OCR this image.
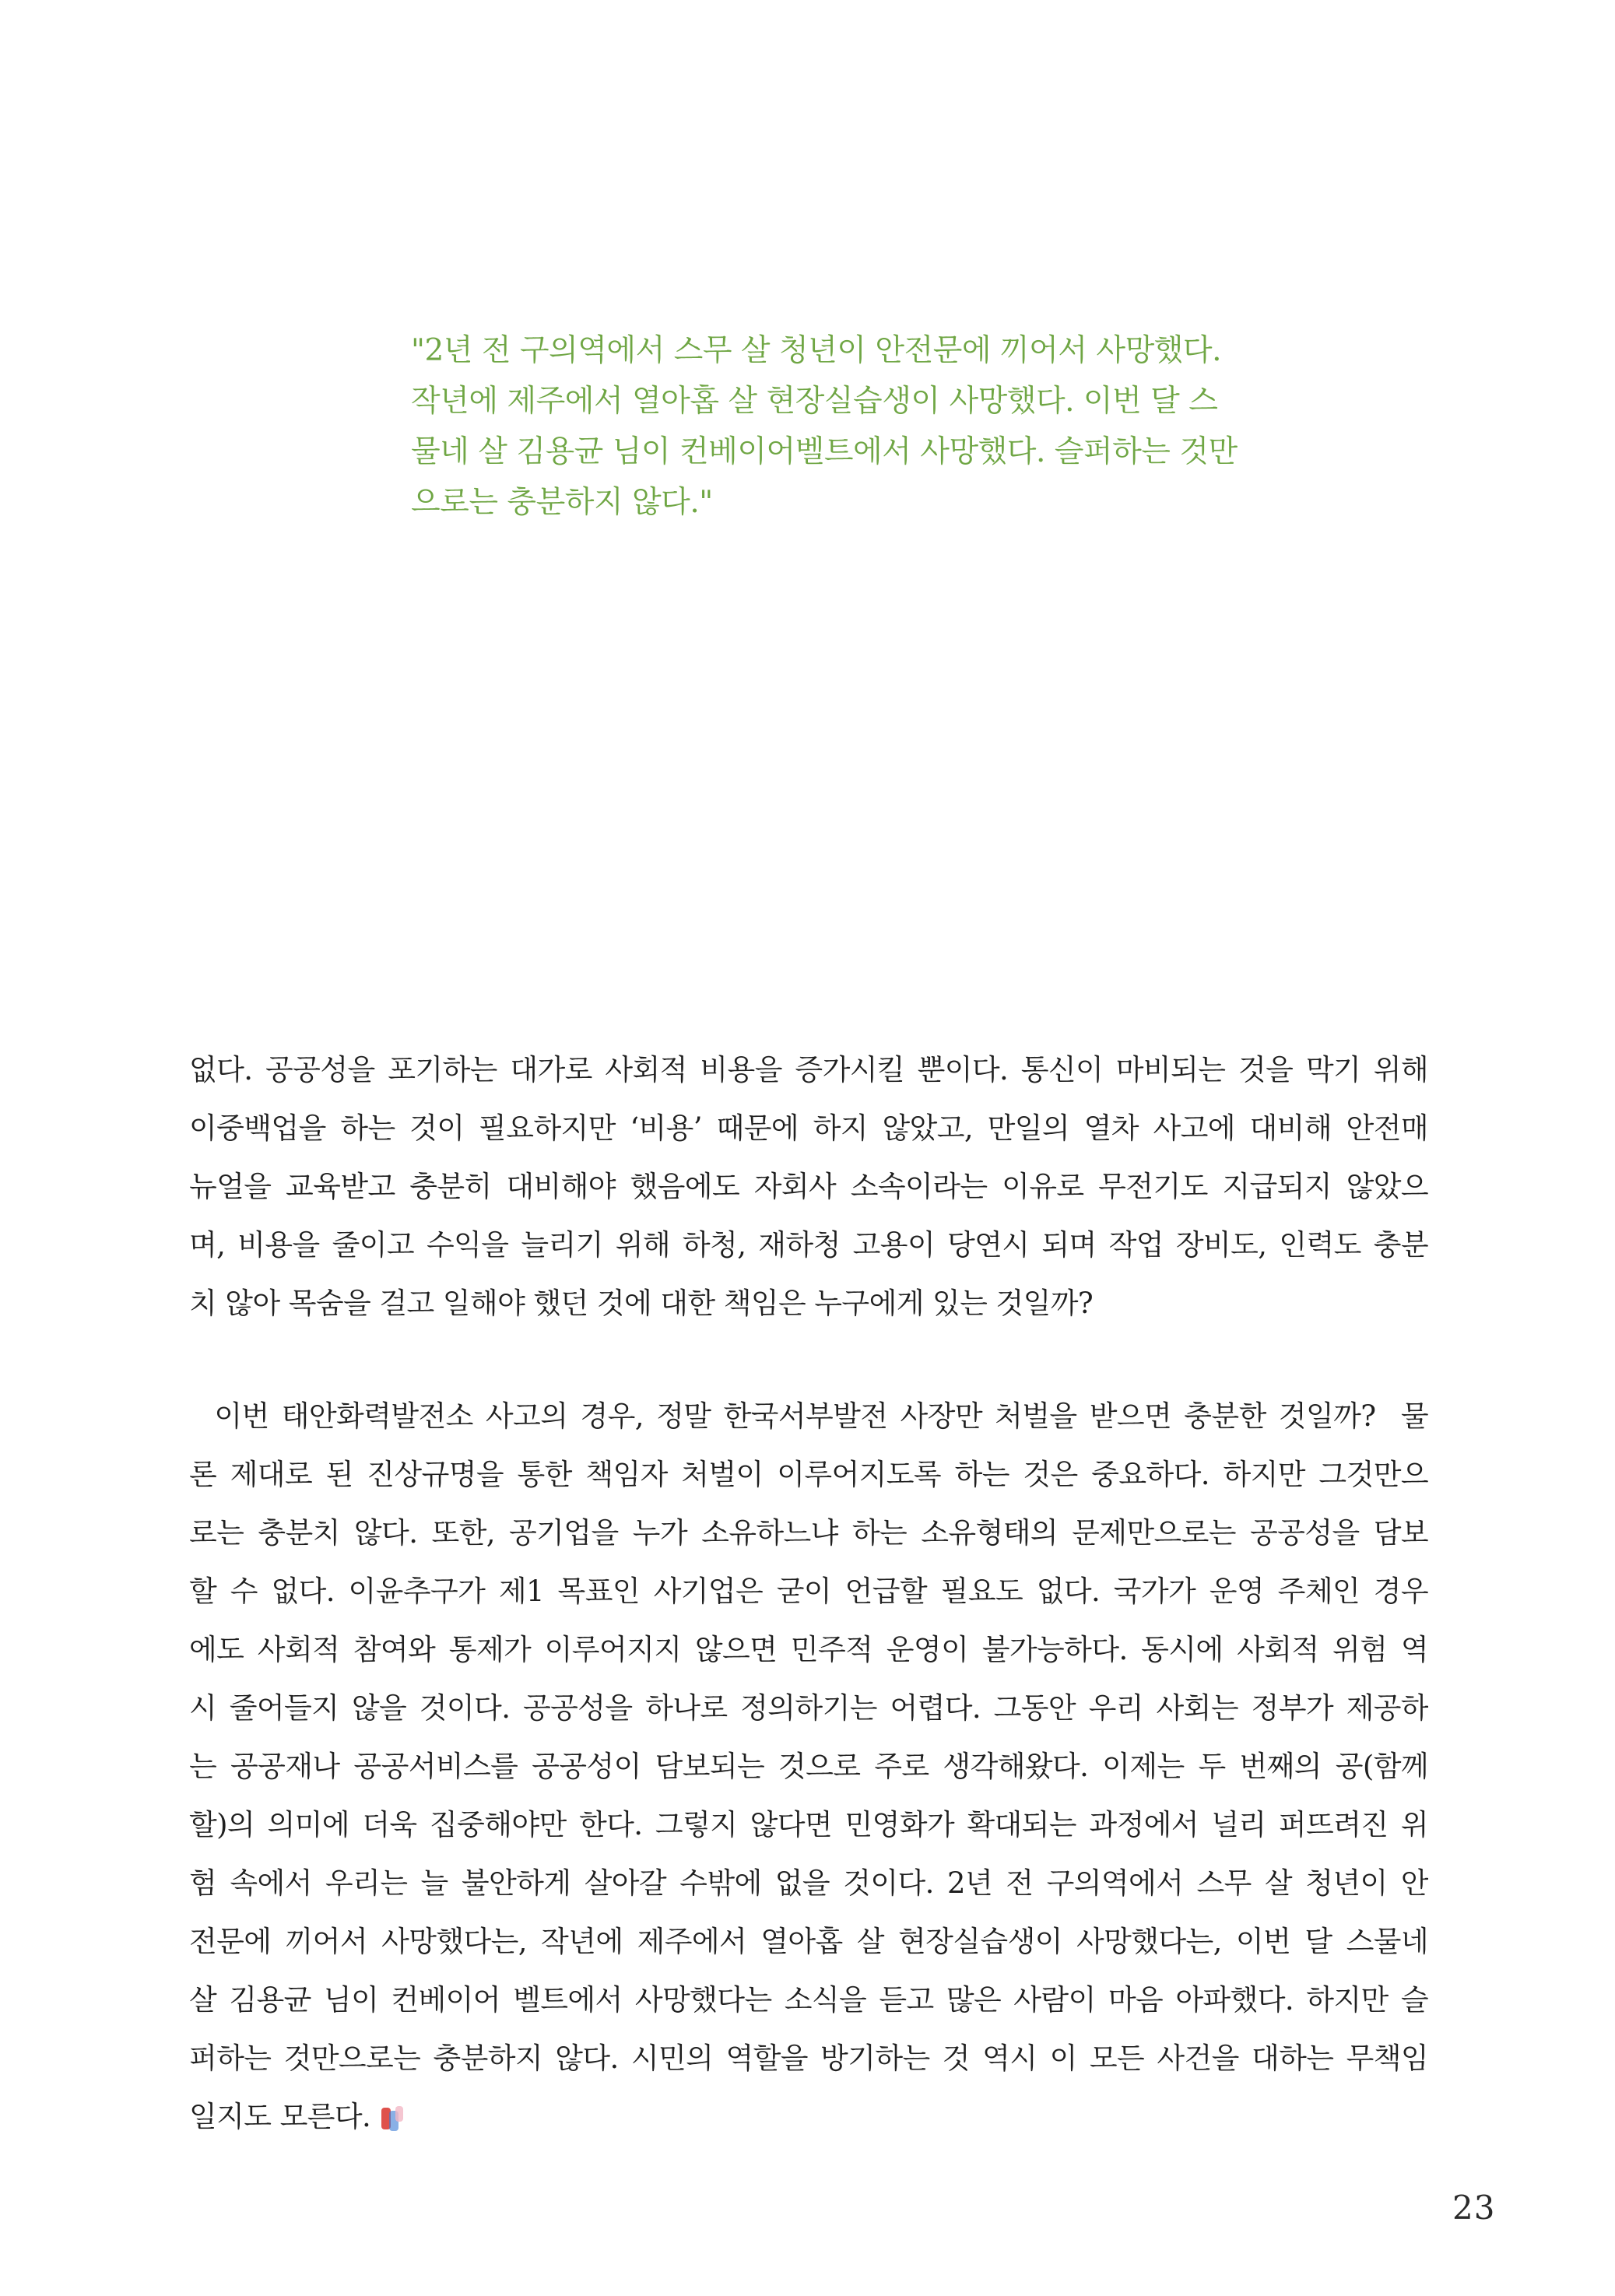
"2년 전 구의역에서 스무 살 청년이 안전문에 끼어서 사망했다.
작년에 제주에서 열아홉 살 현장실습생이 사망했다. 이번 달 스
물네 살 김용균 님이 컨베이어벨트에서 사망했다. 슬퍼하는 것만
으로는 충분하지 않다."
없다. 공공성을 포기하는 대가로 사회적 비용을 증가시킬 뿐이다. 통신이 마비되는 것을 막기 위해
이중백업을 하는 것이 필요하지만 ‘비용’ 때문에 하지 않았고, 만일의 열차 사고에 대비해 안전매
뉴얼을 교육받고 충분히 대비해야 했음에도 자회사 소속이라는 이유로 무전기도 지급되지 않았으
며, 비용을 줄이고 수익을 늘리기 위해 하청, 재하청 고용이 당연시 되며 작업 장비도, 인력도 충분
치 않아 목숨을 걸고 일해야 했던 것에 대한 책임은 누구에게 있는 것일까?
이번 태안화력발전소 사고의 경우, 정말 한국서부발전 사장만 처벌을 받으면 충분한 것일까?  물
론 제대로 된 진상규명을 통한 책임자 처벌이 이루어지도록 하는 것은 중요하다. 하지만 그것만으
로는 충분치 않다. 또한, 공기업을 누가 소유하느냐 하는 소유형태의 문제만으로는 공공성을 담보
할 수 없다. 이윤추구가 제1 목표인 사기업은 굳이 언급할 필요도 없다. 국가가 운영 주체인 경우
에도 사회적 참여와 통제가 이루어지지 않으면 민주적 운영이 불가능하다. 동시에 사회적 위험 역
시 줄어들지 않을 것이다. 공공성을 하나로 정의하기는 어렵다. 그동안 우리 사회는 정부가 제공하
는 공공재나 공공서비스를 공공성이 담보되는 것으로 주로 생각해왔다. 이제는 두 번째의 공(함께
할)의 의미에 더욱 집중해야만 한다. 그렇지 않다면 민영화가 확대되는 과정에서 널리 퍼뜨려진 위
험 속에서 우리는 늘 불안하게 살아갈 수밖에 없을 것이다. 2년 전 구의역에서 스무 살 청년이 안
전문에 끼어서 사망했다는, 작년에 제주에서 열아홉 살 현장실습생이 사망했다는, 이번 달 스물네
살 김용균 님이 컨베이어 벨트에서 사망했다는 소식을 듣고 많은 사람이 마음 아파했다. 하지만 슬
퍼하는 것만으로는 충분하지 않다. 시민의 역할을 방기하는 것 역시 이 모든 사건을 대하는 무책임
일지도 모른다.
23
